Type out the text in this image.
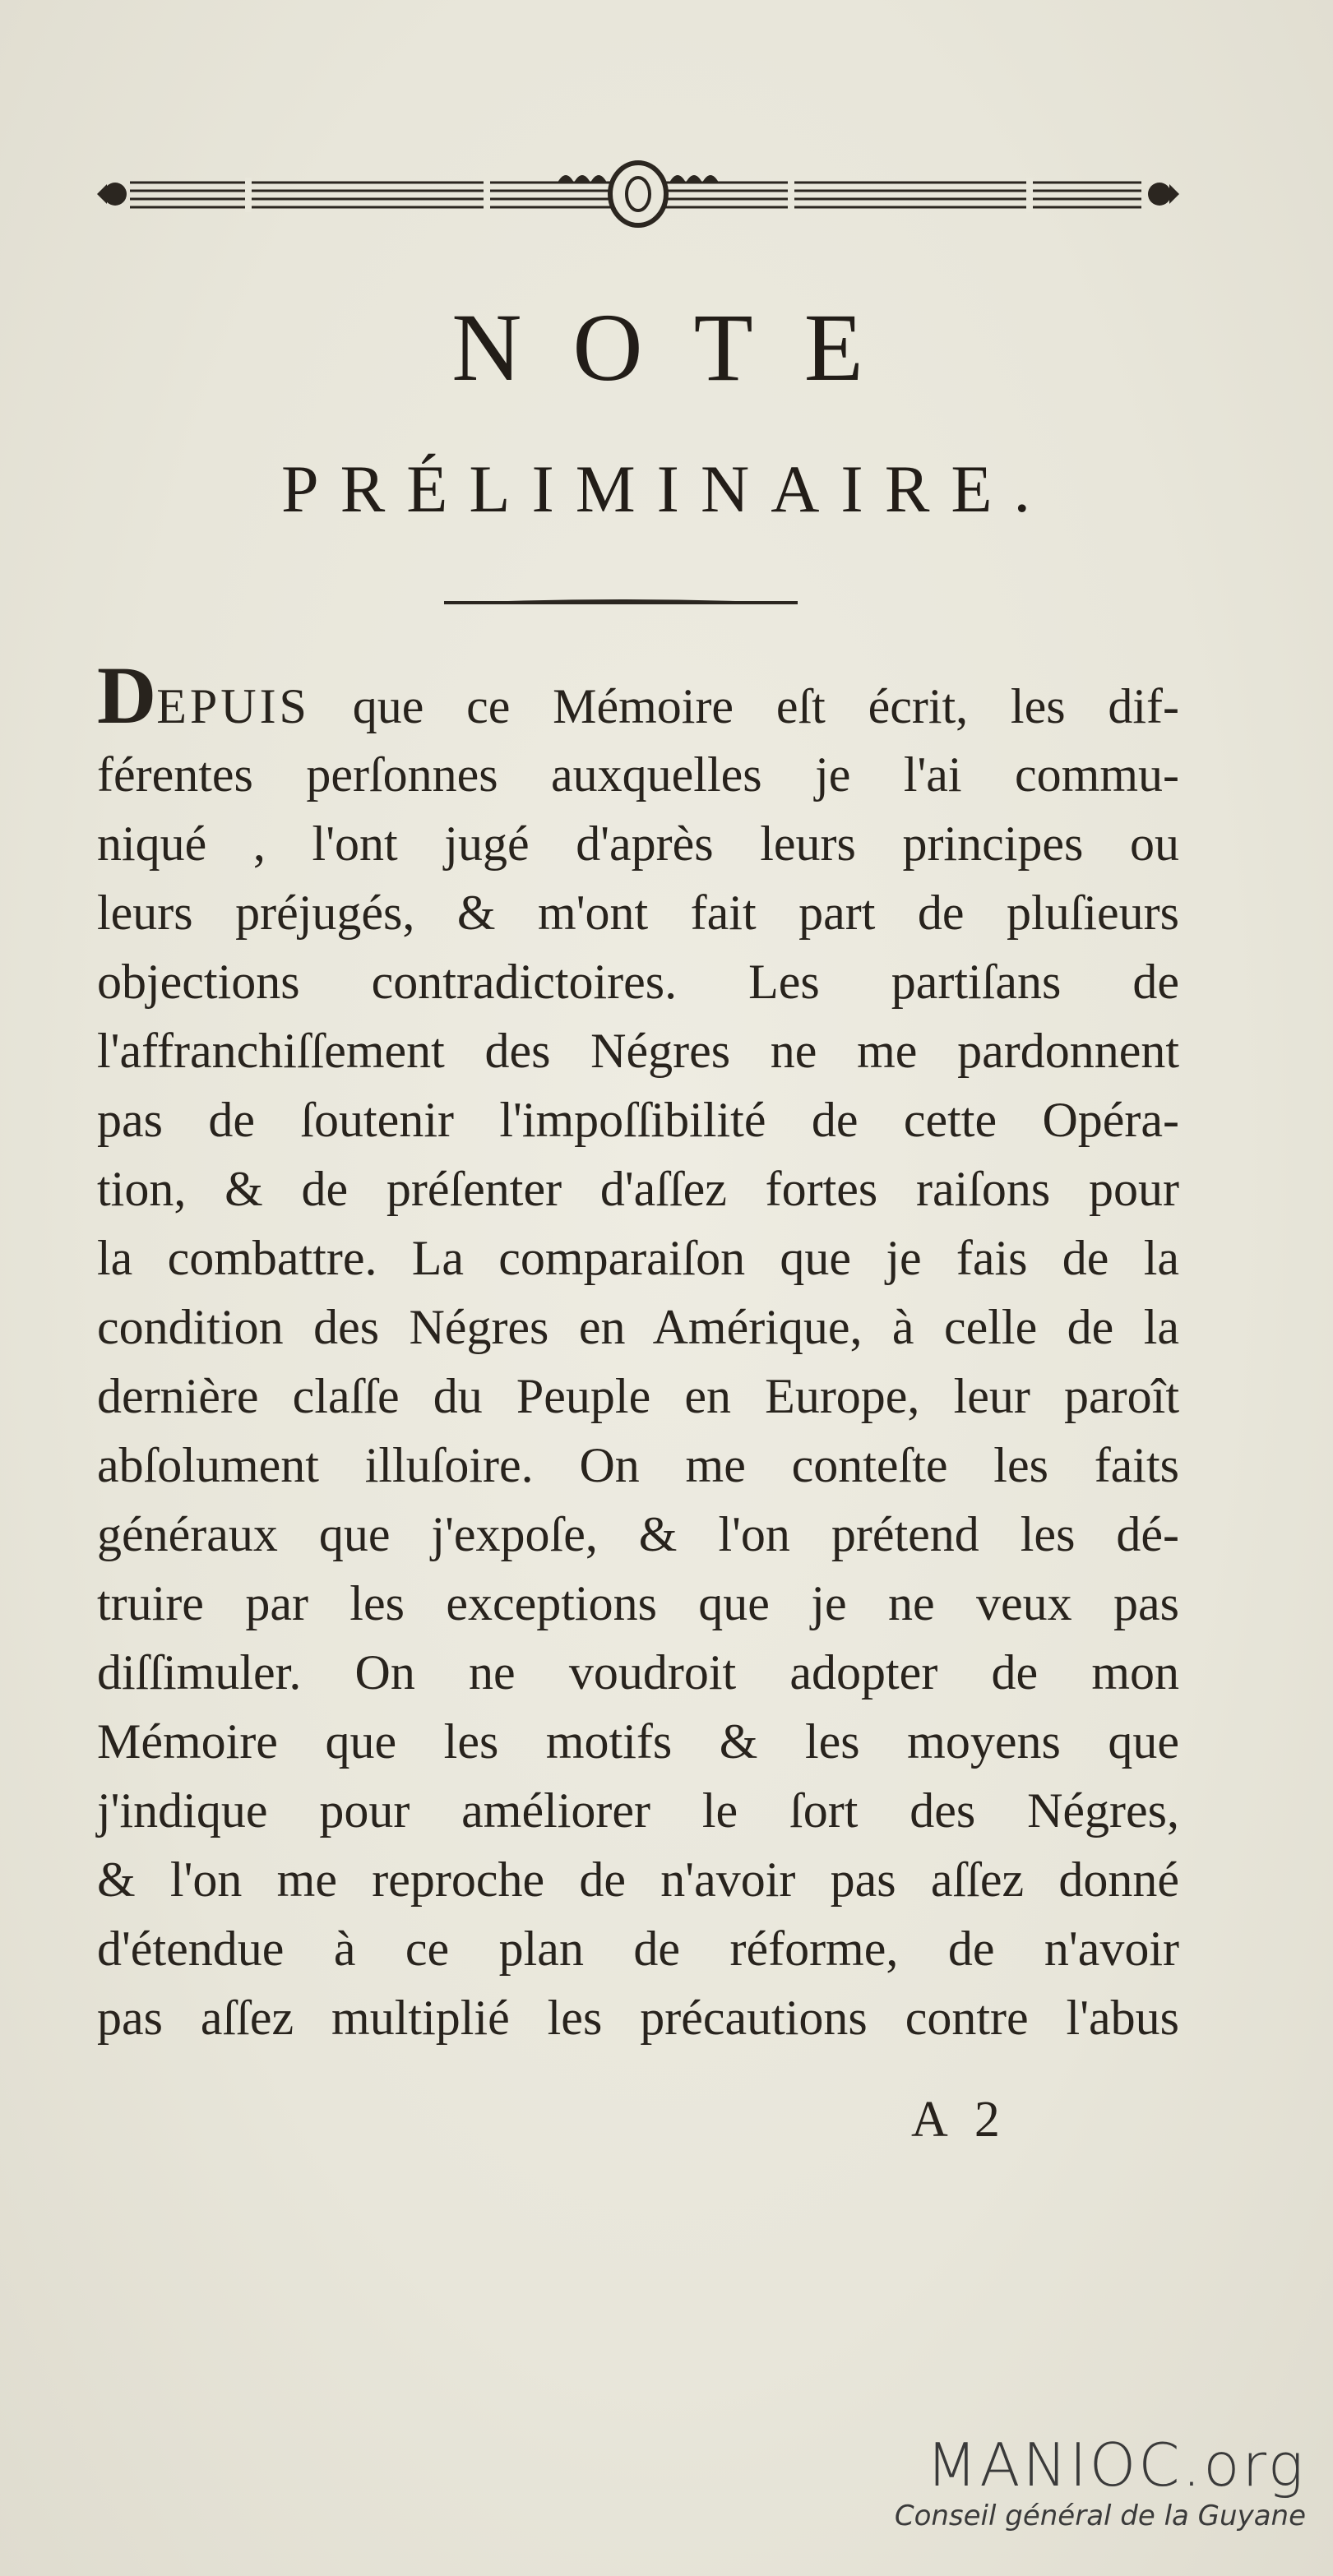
NOTE
PRÉLIMINAIRE.
DEPUIS que ce Mémoire eſt écrit, les dif-
férentes perſonnes auxquelles je l'ai commu-
niqué , l'ont jugé d'après leurs principes ou
leurs préjugés, & m'ont fait part de pluſieurs
objections contradictoires. Les partiſans de
l'affranchiſſement des Négres ne me pardonnent
pas de ſoutenir l'impoſſibilité de cette Opéra-
tion, & de préſenter d'aſſez fortes raiſons pour
la combattre. La comparaiſon que je fais de la
condition des Négres en Amérique, à celle de la
dernière claſſe du Peuple en Europe, leur paroît
abſolument illuſoire. On me conteſte les faits
généraux que j'expoſe, & l'on prétend les dé-
truire par les exceptions que je ne veux pas
diſſimuler. On ne voudroit adopter de mon
Mémoire que les motifs & les moyens que
j'indique pour améliorer le ſort des Négres,
& l'on me reproche de n'avoir pas aſſez donné
d'étendue à ce plan de réforme, de n'avoir
pas aſſez multiplié les précautions contre l'abus
A 2
MANIOC.org
Conseil général de la Guyane
